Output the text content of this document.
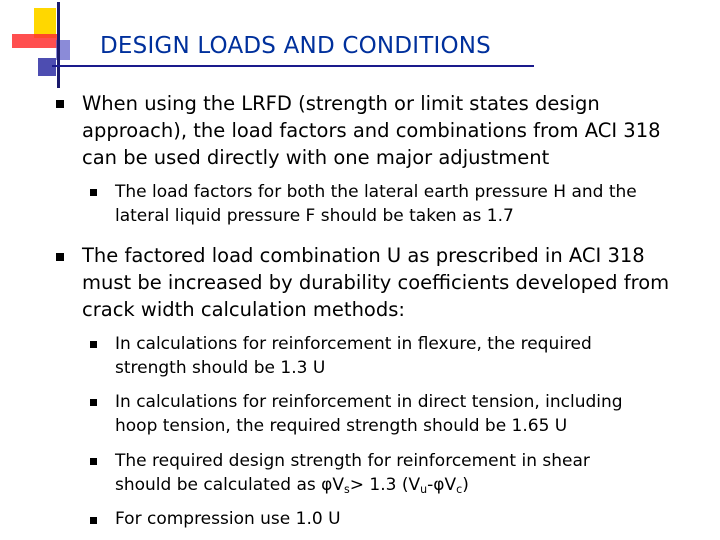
DESIGN LOADS AND CONDITIONS
When using the LRFD (strength or limit states design
approach), the load factors and combinations from ACI 318
can be used directly with one major adjustment
The load factors for both the lateral earth pressure H and the
lateral liquid pressure F should be taken as 1.7
The factored load combination U as prescribed in ACI 318
must be increased by durability coefficients developed from
crack width calculation methods:
In calculations for reinforcement in flexure, the required
strength should be 1.3 U
In calculations for reinforcement in direct tension, including
hoop tension, the required strength should be 1.65 U
The required design strength for reinforcement in shear
should be calculated as $\varphi V_s> 1.3$ $(V_u-\varphi V_c)$
For compression use 1.0 U
